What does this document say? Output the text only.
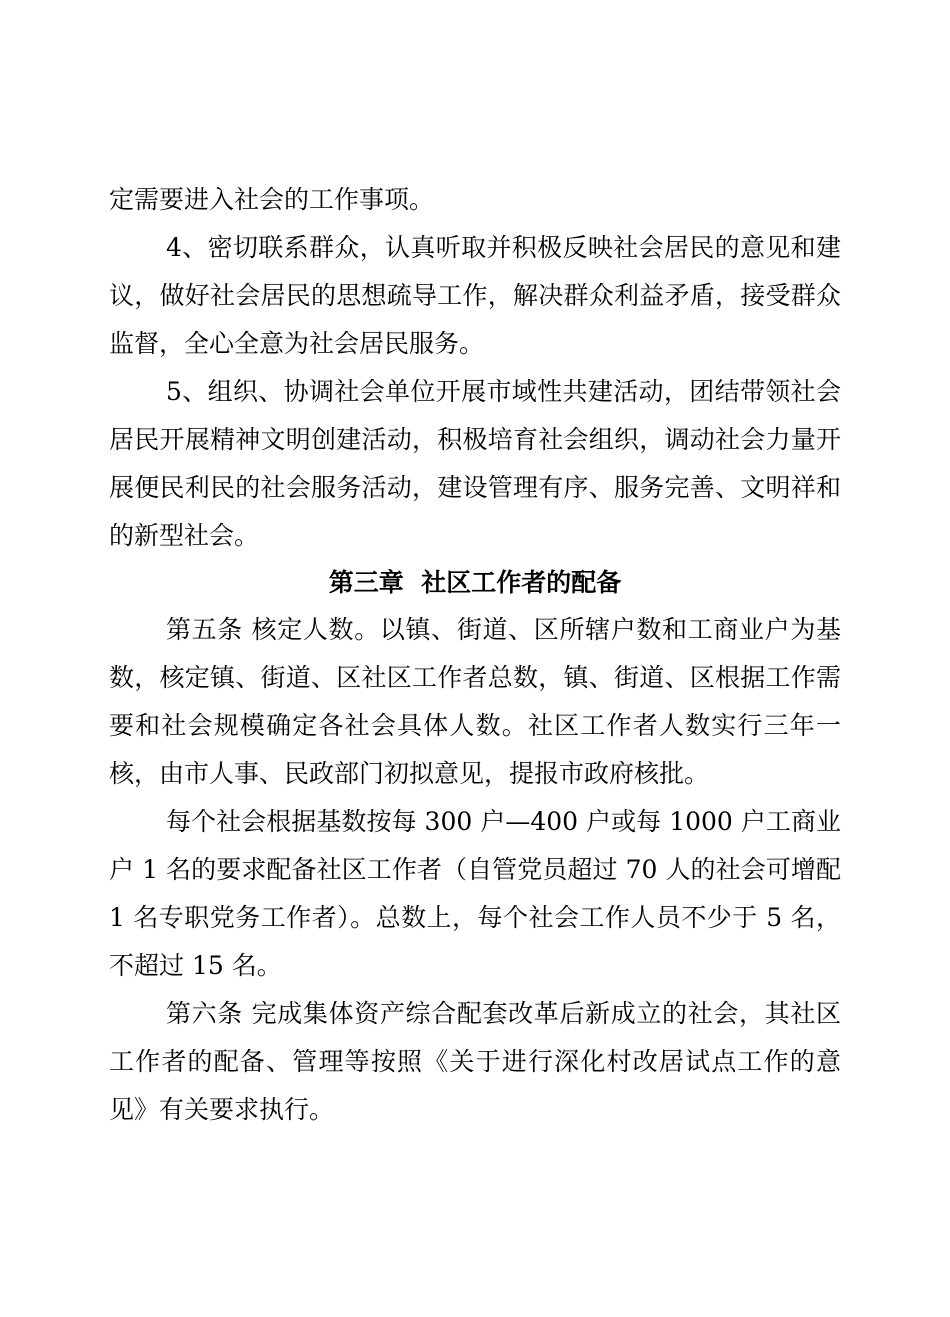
定需要进入社会的工作事项。

4、密切联系群众，认真听取并积极反映社会居民的意见和建议，做好社会居民的思想疏导工作，解决群众利益矛盾，接受群众监督，全心全意为社会居民服务。

5、组织、协调社会单位开展市域性共建活动，团结带领社会居民开展精神文明创建活动，积极培育社会组织，调动社会力量开展便民利民的社会服务活动，建设管理有序、服务完善、文明祥和的新型社会。

第三章  社区工作者的配备

第五条 核定人数。以镇、街道、区所辖户数和工商业户为基数，核定镇、街道、区社区工作者总数，镇、街道、区根据工作需要和社会规模确定各社会具体人数。社区工作者人数实行三年一核，由市人事、民政部门初拟意见，提报市政府核批。

每个社会根据基数按每 300 户—400 户或每 1000 户工商业户 1 名的要求配备社区工作者（自管党员超过 70 人的社会可增配 1 名专职党务工作者）。总数上，每个社会工作人员不少于 5 名，不超过 15 名。

第六条 完成集体资产综合配套改革后新成立的社会，其社区工作者的配备、管理等按照《关于进行深化村改居试点工作的意见》有关要求执行。
